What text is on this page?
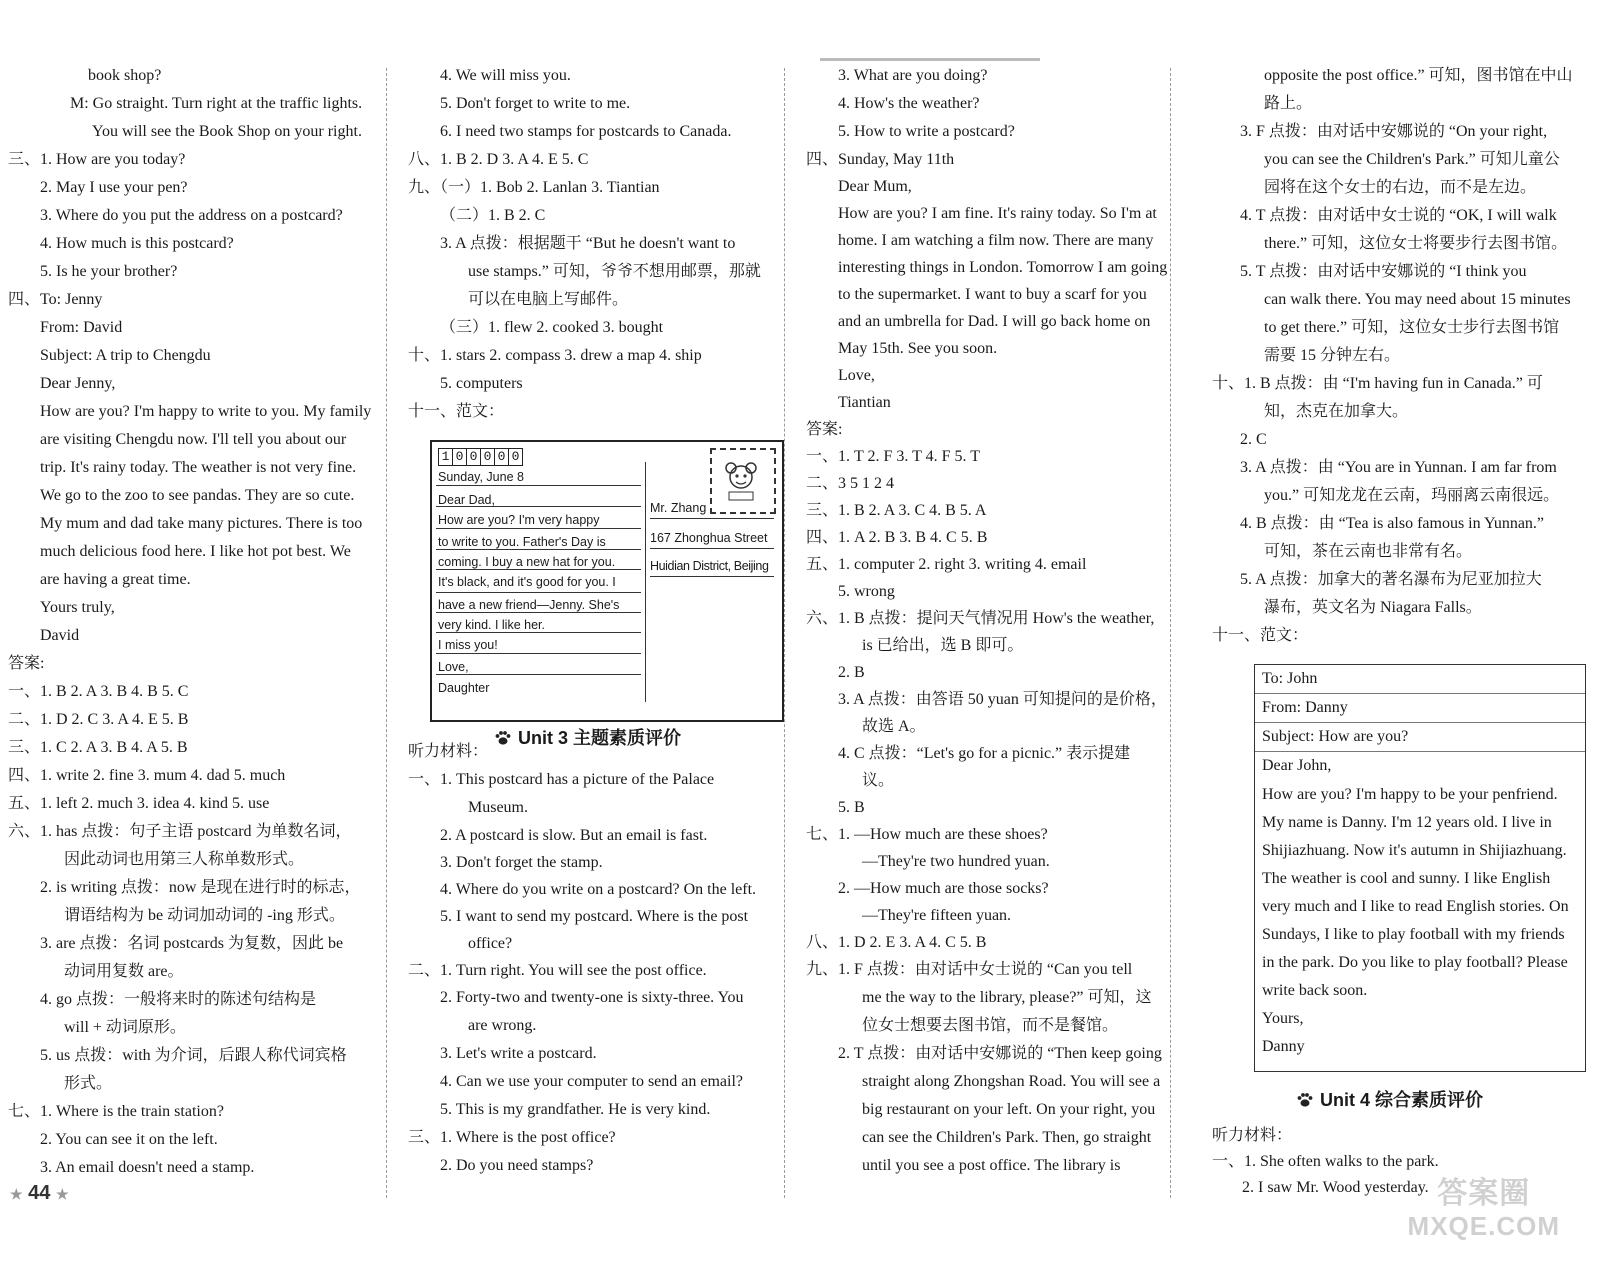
book shop?
M: Go straight. Turn right at the traffic lights.
You will see the Book Shop on your right.
三、1. How are you today?
2. May I use your pen?
3. Where do you put the address on a postcard?
4. How much is this postcard?
5. Is he your brother?
四、To: Jenny
From: David
Subject: A trip to Chengdu
Dear Jenny,
How are you? I'm happy to write to you. My family
are visiting Chengdu now. I'll tell you about our
trip. It's rainy today. The weather is not very fine.
We go to the zoo to see pandas. They are so cute.
My mum and dad take many pictures. There is too
much delicious food here. I like hot pot best. We
are having a great time.
Yours truly,
David
答案:
一、1. B 2. A 3. B 4. B 5. C
二、1. D 2. C 3. A 4. E 5. B
三、1. C 2. A 3. B 4. A 5. B
四、1. write 2. fine 3. mum 4. dad 5. much
五、1. left 2. much 3. idea 4. kind 5. use
六、1. has 点拨：句子主语 postcard 为单数名词，
因此动词也用第三人称单数形式。
2. is writing 点拨：now 是现在进行时的标志，
谓语结构为 be 动词加动词的 -ing 形式。
3. are 点拨：名词 postcards 为复数，因此 be
动词用复数 are。
4. go 点拨：一般将来时的陈述句结构是
will + 动词原形。
5. us 点拨：with 为介词，后跟人称代词宾格
形式。
七、1. Where is the train station?
2. You can see it on the left.
3. An email doesn't need a stamp.
4. We will miss you.
5. Don't forget to write to me.
6. I need two stamps for postcards to Canada.
八、1. B 2. D 3. A 4. E 5. C
九、（一）1. Bob 2. Lanlan 3. Tiantian
（二）1. B 2. C
3. A 点拨：根据题干 “But he doesn't want to
use stamps.” 可知，爷爷不想用邮票，那就
可以在电脑上写邮件。
（三）1. flew 2. cooked 3. bought
十、1. stars 2. compass 3. drew a map 4. ship
5. computers
十一、范文：
1 0 0 0 0 0
Sunday, June 8
Dear Dad,
How are you? I'm very happy
to write to you. Father's Day is
coming. I buy a new hat for you.
It's black, and it's good for you. I
have a new friend—Jenny. She's
very kind. I like her.
I miss you!
Love,
Daughter
Mr. Zhang
167 Zhonghua Street
Huidian District, Beijing
Unit 3 主题素质评价
听力材料：
一、1. This postcard has a picture of the Palace
Museum.
2. A postcard is slow. But an email is fast.
3. Don't forget the stamp.
4. Where do you write on a postcard? On the left.
5. I want to send my postcard. Where is the post
office?
二、1. Turn right. You will see the post office.
2. Forty-two and twenty-one is sixty-three. You
are wrong.
3. Let's write a postcard.
4. Can we use your computer to send an email?
5. This is my grandfather. He is very kind.
三、1. Where is the post office?
2. Do you need stamps?
3. What are you doing?
4. How's the weather?
5. How to write a postcard?
四、Sunday, May 11th
Dear Mum,
How are you? I am fine. It's rainy today. So I'm at
home. I am watching a film now. There are many
interesting things in London. Tomorrow I am going
to the supermarket. I want to buy a scarf for you
and an umbrella for Dad. I will go back home on
May 15th. See you soon.
Love,
Tiantian
答案:
一、1. T 2. F 3. T 4. F 5. T
二、3 5 1 2 4
三、1. B 2. A 3. C 4. B 5. A
四、1. A 2. B 3. B 4. C 5. B
五、1. computer 2. right 3. writing 4. email
5. wrong
六、1. B 点拨：提问天气情况用 How's the weather,
is 已给出，选 B 即可。
2. B
3. A 点拨：由答语 50 yuan 可知提问的是价格，
故选 A。
4. C 点拨：“Let's go for a picnic.” 表示提建
议。
5. B
七、1. —How much are these shoes?
—They're two hundred yuan.
2. —How much are those socks?
—They're fifteen yuan.
八、1. D 2. E 3. A 4. C 5. B
九、1. F 点拨：由对话中女士说的 “Can you tell
me the way to the library, please?” 可知，这
位女士想要去图书馆，而不是餐馆。
2. T 点拨：由对话中安娜说的 “Then keep going
straight along Zhongshan Road. You will see a
big restaurant on your left. On your right, you
can see the Children's Park. Then, go straight
until you see a post office. The library is
opposite the post office.” 可知，图书馆在中山
路上。
3. F 点拨：由对话中安娜说的 “On your right,
you can see the Children's Park.” 可知儿童公
园将在这个女士的右边，而不是左边。
4. T 点拨：由对话中女士说的 “OK, I will walk
there.” 可知，这位女士将要步行去图书馆。
5. T 点拨：由对话中安娜说的 “I think you
can walk there. You may need about 15 minutes
to get there.” 可知，这位女士步行去图书馆
需要 15 分钟左右。
十、1. B 点拨：由 “I'm having fun in Canada.” 可
知，杰克在加拿大。
2. C
3. A 点拨：由 “You are in Yunnan. I am far from
you.” 可知龙龙在云南，玛丽离云南很远。
4. B 点拨：由 “Tea is also famous in Yunnan.”
可知，茶在云南也非常有名。
5. A 点拨：加拿大的著名瀑布为尼亚加拉大
瀑布，英文名为 Niagara Falls。
十一、范文：
To: John
From: Danny
Subject: How are you?
Dear John,
How are you? I'm happy to be your penfriend.
My name is Danny. I'm 12 years old. I live in
Shijiazhuang. Now it's autumn in Shijiazhuang.
The weather is cool and sunny. I like English
very much and I like to read English stories. On
Sundays, I like to play football with my friends
in the park. Do you like to play football? Please
write back soon.
Yours,
Danny
Unit 4 综合素质评价
听力材料：
一、1. She often walks to the park.
2. I saw Mr. Wood yesterday.
★ 44 ★	答案圈
MXQE.COM
